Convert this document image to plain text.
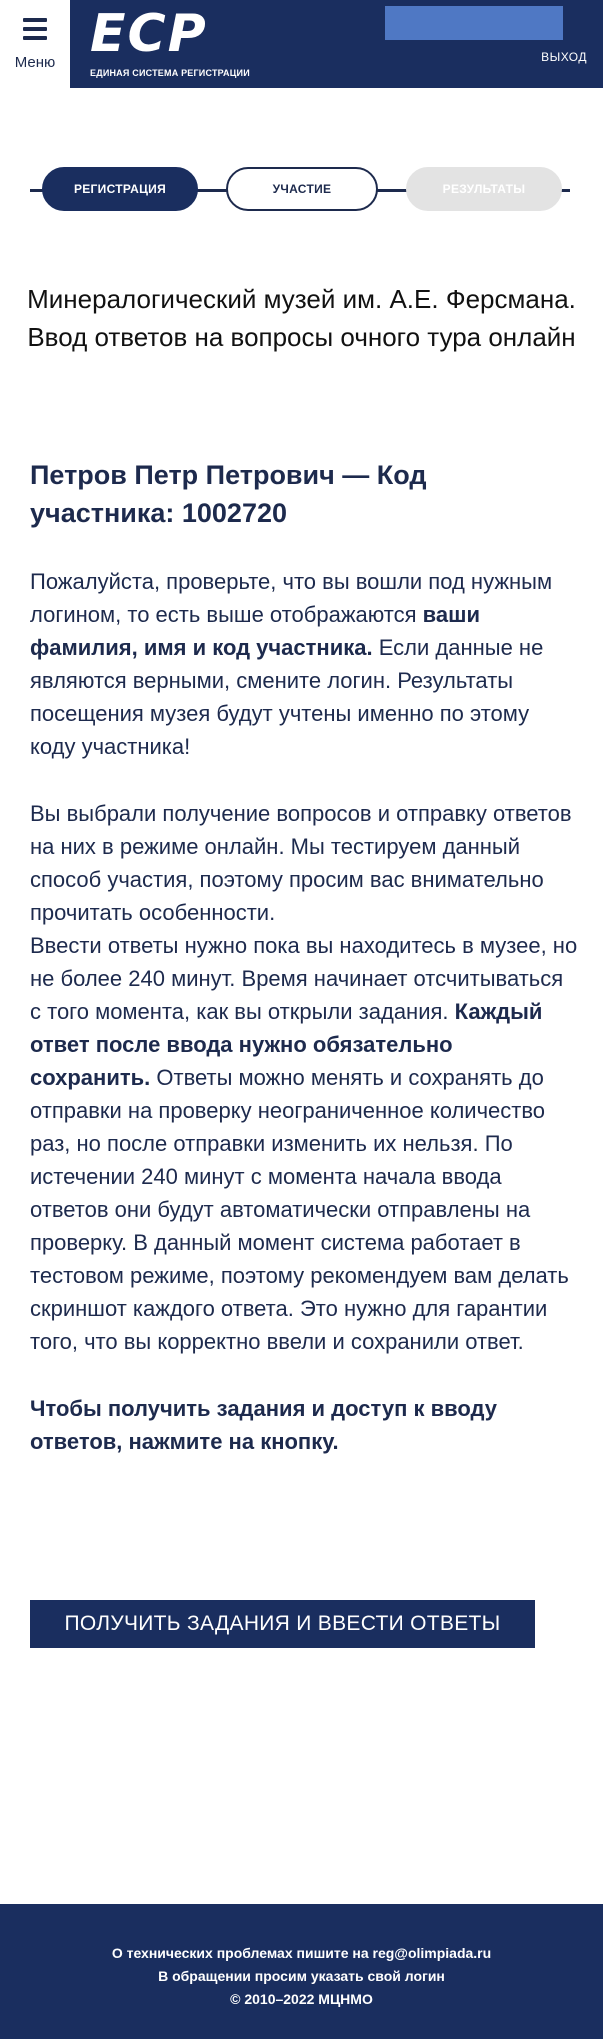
Меню ЕСР
ЕДИНАЯ СИСТЕМА РЕГИСТРАЦИИ
ВЫХОД
РЕГИСТРАЦИЯ	УЧАСТИЕ	РЕЗУЛЬТАТЫ
Минералогический музей им. А.Е. Ферсмана.
Ввод ответов на вопросы очного тура онлайн
Петров Петр Петрович — Код участника: 1002720

Пожалуйста, проверьте, что вы вошли под нужным логином, то есть выше отображаются ваши фамилия, имя и код участника. Если данные не являются верными, смените логин. Результаты посещения музея будут учтены именно по этому коду участника!

Вы выбрали получение вопросов и отправку ответов на них в режиме онлайн. Мы тестируем данный способ участия, поэтому просим вас внимательно прочитать особенности.

Ввести ответы нужно пока вы находитесь в музее, но не более 240 минут. Время начинает отсчитываться с того момента, как вы открыли задания. Каждый ответ после ввода нужно обязательно сохранить. Ответы можно менять и сохранять до отправки на проверку неограниченное количество раз, но после отправки изменить их нельзя. По истечении 240 минут с момента начала ввода ответов они будут автоматически отправлены на проверку. В данный момент система работает в тестовом режиме, поэтому рекомендуем вам делать скриншот каждого ответа. Это нужно для гарантии того, что вы корректно ввели и сохранили ответ.

Чтобы получить задания и доступ к вводу ответов, нажмите на кнопку.

ПОЛУЧИТЬ ЗАДАНИЯ И ВВЕСТИ ОТВЕТЫ
О технических проблемах пишите на reg@olimpiada.ru
В обращении просим указать свой логин
© 2010–2022 МЦНМО
